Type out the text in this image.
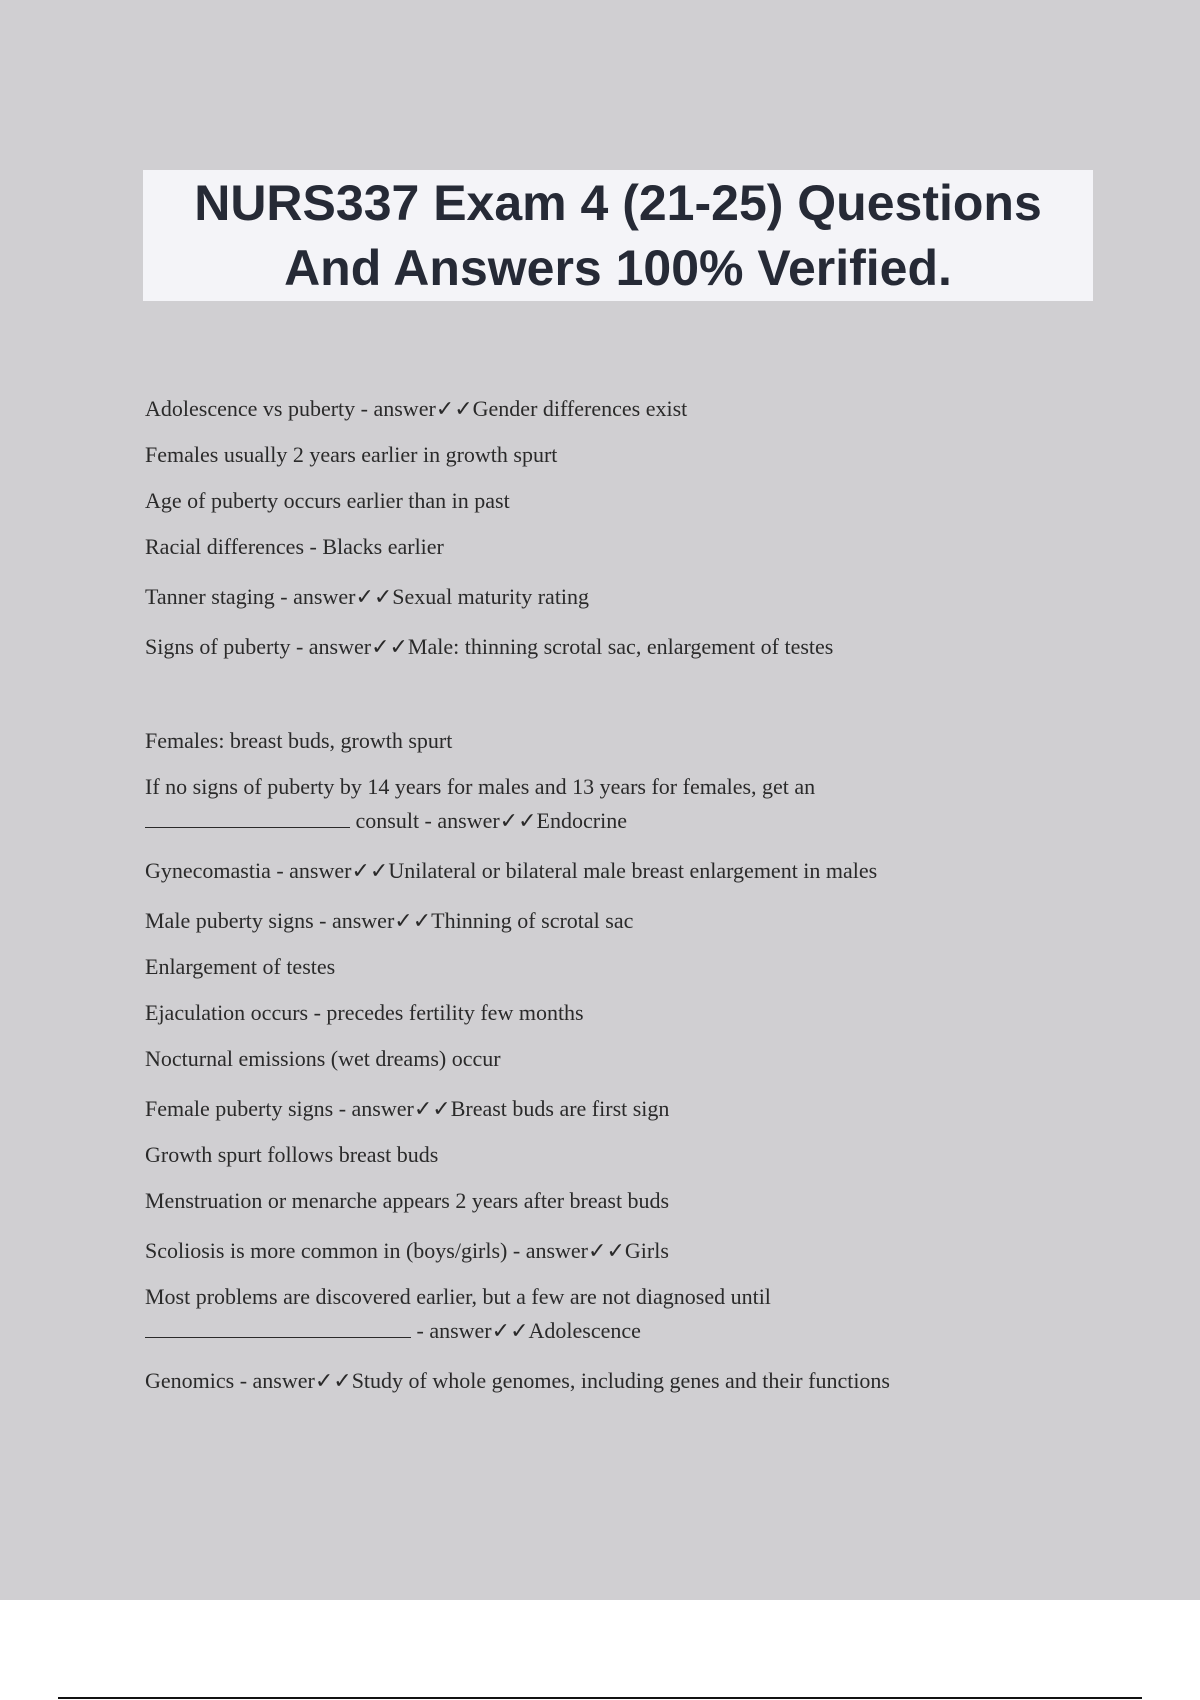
NURS337 Exam 4 (21-25) Questions
And Answers 100% Verified.

Adolescence vs puberty - answer✓✓Gender differences exist

Females usually 2 years earlier in growth spurt

Age of puberty occurs earlier than in past

Racial differences - Blacks earlier

Tanner staging - answer✓✓Sexual maturity rating

Signs of puberty - answer✓✓Male: thinning scrotal sac, enlargement of testes

Females: breast buds, growth spurt

If no signs of puberty by 14 years for males and 13 years for females, get an

consult - answer✓✓Endocrine

Gynecomastia - answer✓✓Unilateral or bilateral male breast enlargement in males

Male puberty signs - answer✓✓Thinning of scrotal sac

Enlargement of testes

Ejaculation occurs - precedes fertility few months

Nocturnal emissions (wet dreams) occur

Female puberty signs - answer✓✓Breast buds are first sign

Growth spurt follows breast buds

Menstruation or menarche appears 2 years after breast buds

Scoliosis is more common in (boys/girls) - answer✓✓Girls

Most problems are discovered earlier, but a few are not diagnosed until

- answer✓✓Adolescence

Genomics - answer✓✓Study of whole genomes, including genes and their functions
